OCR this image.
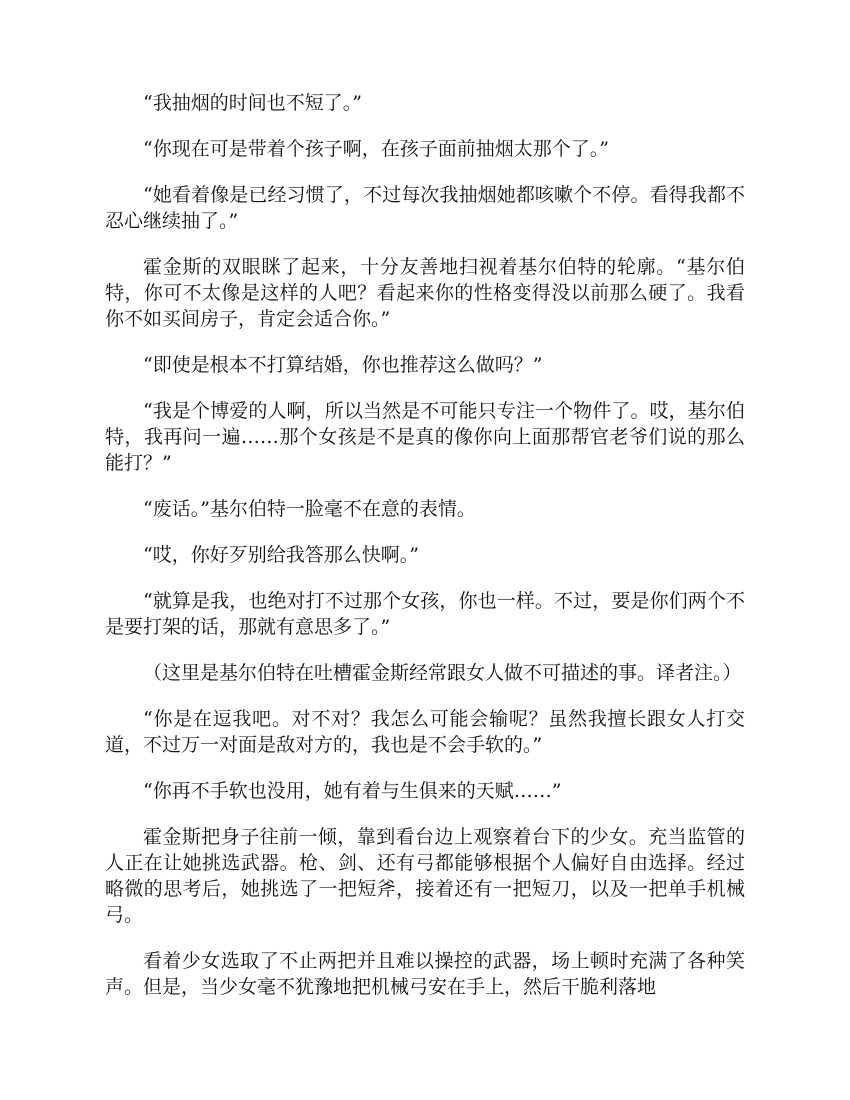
“我抽烟的时间也不短了。”

“你现在可是带着个孩子啊，在孩子面前抽烟太那个了。”

“她看着像是已经习惯了，不过每次我抽烟她都咳嗽个不停。看得我都不忍心继续抽了。”

霍金斯的双眼眯了起来，十分友善地扫视着基尔伯特的轮廓。“基尔伯特，你可不太像是这样的人吧？看起来你的性格变得没以前那么硬了。我看你不如买间房子，肯定会适合你。”

“即使是根本不打算结婚，你也推荐这么做吗？”

“我是个博爱的人啊，所以当然是不可能只专注一个物件了。哎，基尔伯特，我再问一遍……那个女孩是不是真的像你向上面那帮官老爷们说的那么能打？”

“废话。”基尔伯特一脸毫不在意的表情。

“哎，你好歹别给我答那么快啊。”

“就算是我，也绝对打不过那个女孩，你也一样。不过，要是你们两个不是要打架的话，那就有意思多了。”

（这里是基尔伯特在吐槽霍金斯经常跟女人做不可描述的事。译者注。）

“你是在逗我吧。对不对？我怎么可能会输呢？虽然我擅长跟女人打交道，不过万一对面是敌对方的，我也是不会手软的。”

“你再不手软也没用，她有着与生俱来的天赋……”

霍金斯把身子往前一倾，靠到看台边上观察着台下的少女。充当监管的人正在让她挑选武器。枪、剑、还有弓都能够根据个人偏好自由选择。经过略微的思考后，她挑选了一把短斧，接着还有一把短刀，以及一把单手机械弓。

看着少女选取了不止两把并且难以操控的武器，场上顿时充满了各种笑声。但是，当少女毫不犹豫地把机械弓安在手上，然后干脆利落地
